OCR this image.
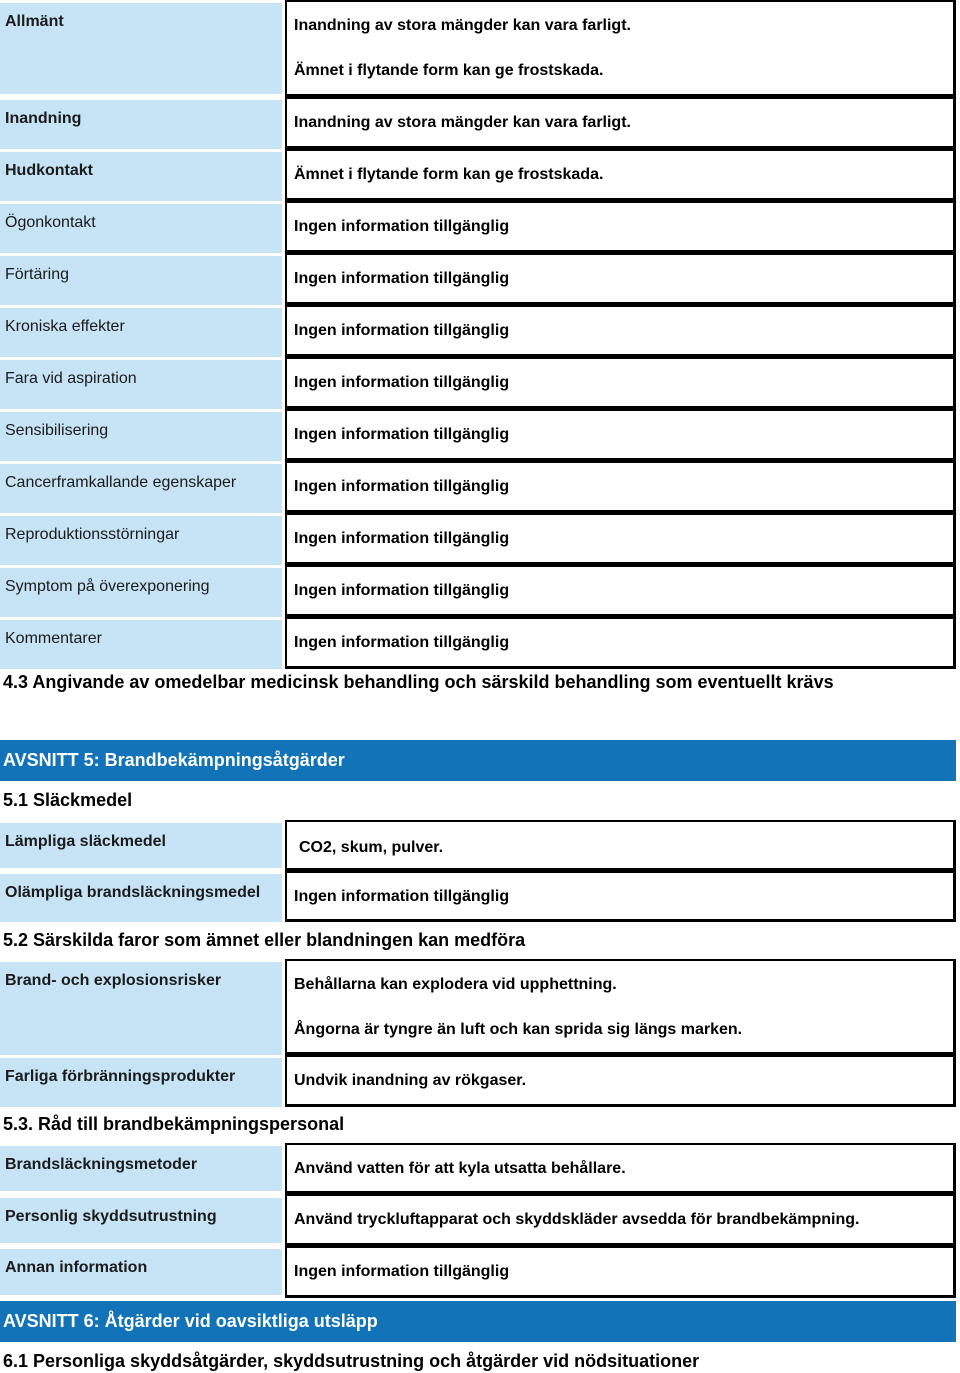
Allmänt	Inandning av stora mängder kan vara farligt.
Ämnet i flytande form kan ge frostskada.
Inandning	Inandning av stora mängder kan vara farligt.
Hudkontakt	Ämnet i flytande form kan ge frostskada.
Ögonkontakt	Ingen information tillgänglig
Förtäring	Ingen information tillgänglig
Kroniska effekter	Ingen information tillgänglig
Fara vid aspiration	Ingen information tillgänglig
Sensibilisering	Ingen information tillgänglig
Cancerframkallande egenskaper	Ingen information tillgänglig
Reproduktionsstörningar	Ingen information tillgänglig
Symptom på överexponering	Ingen information tillgänglig
Kommentarer	Ingen information tillgänglig
4.3 Angivande av omedelbar medicinsk behandling och särskild behandling som eventuellt krävs
AVSNITT 5: Brandbekämpningsåtgärder
5.1 Släckmedel
Lämpliga släckmedel	CO2, skum, pulver.
Olämpliga brandsläckningsmedel	Ingen information tillgänglig
5.2 Särskilda faror som ämnet eller blandningen kan medföra
Brand- och explosionsrisker	Behållarna kan explodera vid upphettning.
Ångorna är tyngre än luft och kan sprida sig längs marken.
Farliga förbränningsprodukter	Undvik inandning av rökgaser.
5.3. Råd till brandbekämpningspersonal
Brandsläckningsmetoder	Använd vatten för att kyla utsatta behållare.
Personlig skyddsutrustning	Använd tryckluftapparat och skyddskläder avsedda för brandbekämpning.
Annan information	Ingen information tillgänglig
AVSNITT 6: Åtgärder vid oavsiktliga utsläpp
6.1 Personliga skyddsåtgärder, skyddsutrustning och åtgärder vid nödsituationer
